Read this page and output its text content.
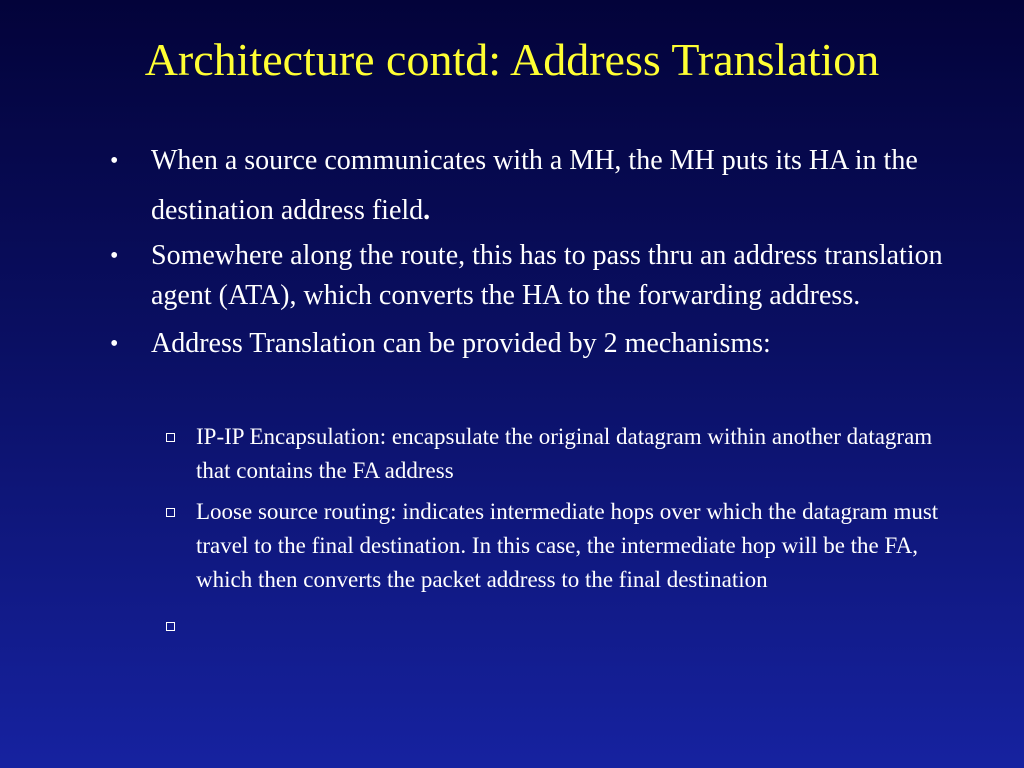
Architecture contd: Address Translation
•	When a source communicates with a MH, the MH puts its HA in the destination address field.
•	Somewhere along the route, this has to pass thru an address translation agent (ATA), which converts the HA to the forwarding address.
•	Address Translation can be provided by 2 mechanisms:
IP-IP Encapsulation: encapsulate the original datagram within another datagram that contains the FA address
Loose source routing: indicates intermediate hops over which the datagram must travel to the final destination. In this case, the intermediate hop will be the FA, which then converts the packet address to the final destination
